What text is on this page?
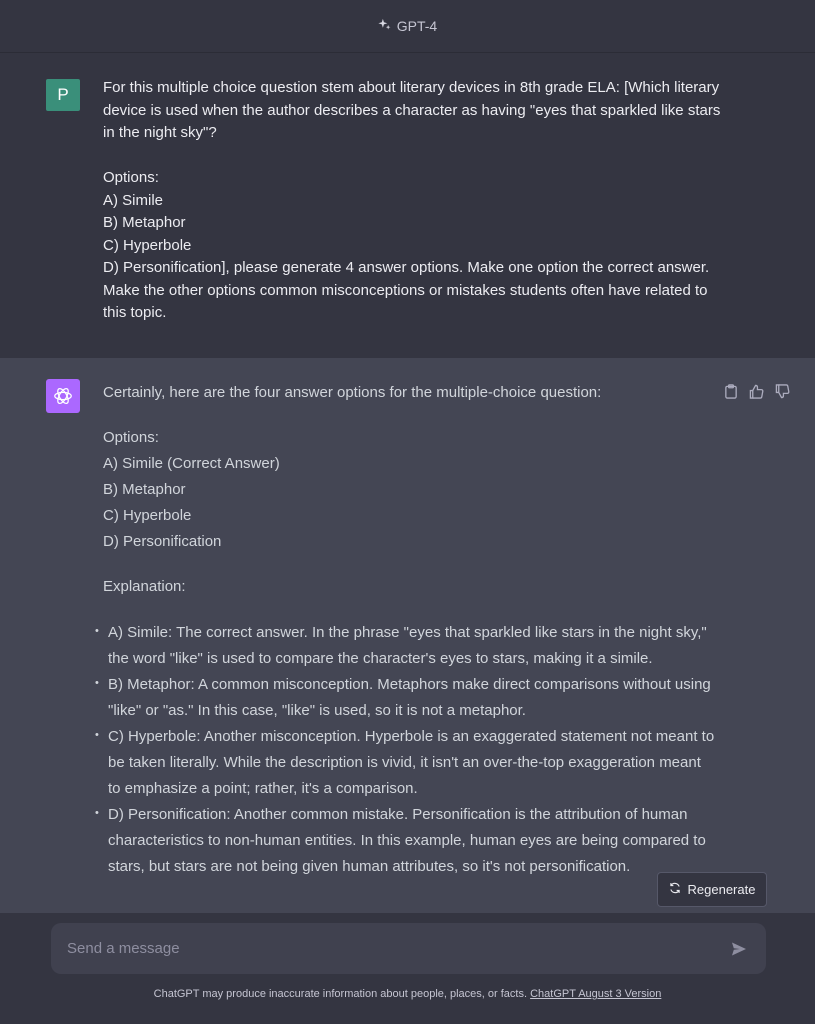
GPT-4
P	For this multiple choice question stem about literary devices in 8th grade ELA: [Which literary device is used when the author describes a character as having "eyes that sparkled like stars in the night sky"?

Options:
A) Simile
B) Metaphor
C) Hyperbole
D) Personification], please generate 4 answer options. Make one option the correct answer. Make the other options common misconceptions or mistakes students often have related to this topic.
Certainly, here are the four answer options for the multiple-choice question:
Options:
A) Simile (Correct Answer)
B) Metaphor
C) Hyperbole
D) Personification
Explanation:
• A) Simile: The correct answer. In the phrase "eyes that sparkled like stars in the night sky," the word "like" is used to compare the character's eyes to stars, making it a simile.
• B) Metaphor: A common misconception. Metaphors make direct comparisons without using "like" or "as." In this case, "like" is used, so it is not a metaphor.
• C) Hyperbole: Another misconception. Hyperbole is an exaggerated statement not meant to be taken literally. While the description is vivid, it isn't an over-the-top exaggeration meant to emphasize a point; rather, it's a comparison.
• D) Personification: Another common mistake. Personification is the attribution of human characteristics to non-human entities. In this example, human eyes are being compared to stars, but stars are not being given human attributes, so it's not personification.
Regenerate
Send a message
ChatGPT may produce inaccurate information about people, places, or facts. ChatGPT August 3 Version
